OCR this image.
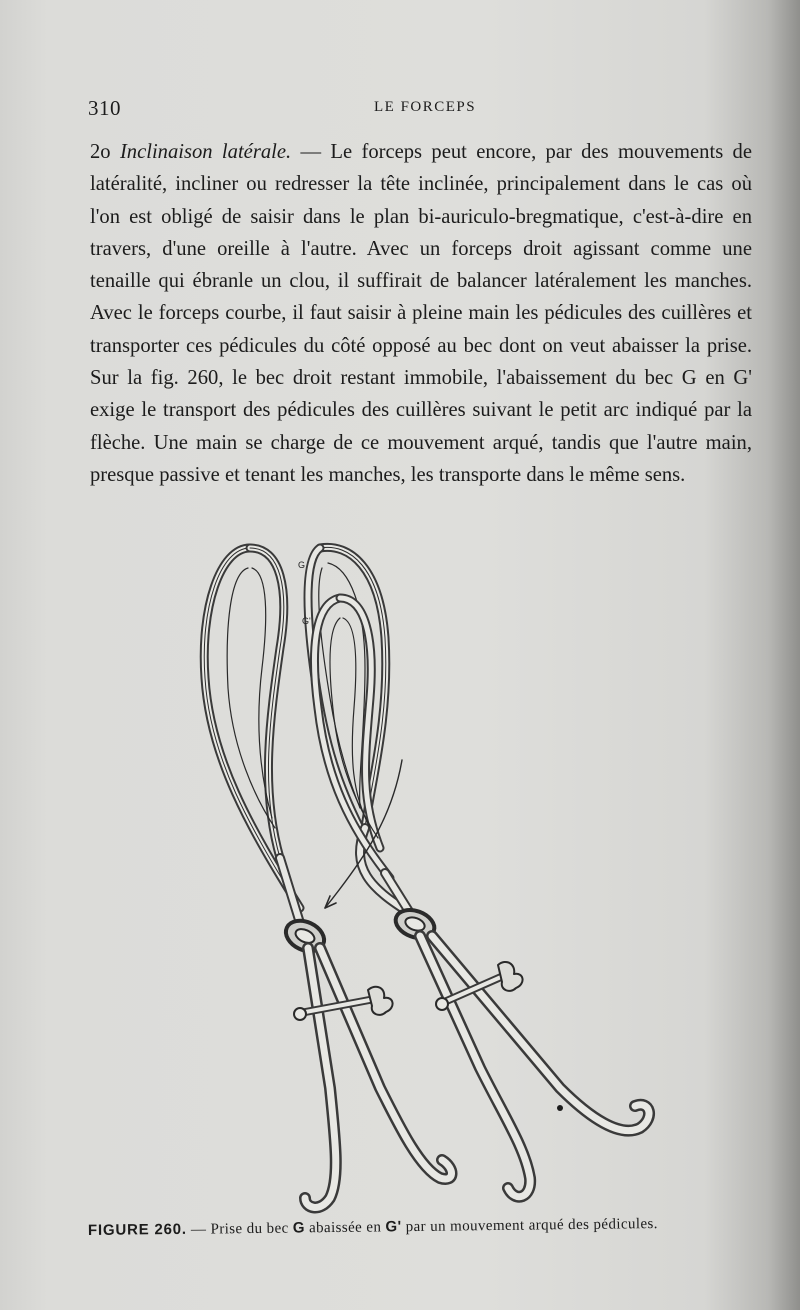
310	LE FORCEPS
2o Inclinaison latérale. — Le forceps peut encore, par des mouvements de latéralité, incliner ou redresser la tête inclinée, principalement dans le cas où l'on est obligé de saisir dans le plan bi-auriculo-bregmatique, c'est-à-dire en travers, d'une oreille à l'autre. Avec un forceps droit agissant comme une tenaille qui ébranle un clou, il suffirait de balancer latéralement les manches. Avec le forceps courbe, il faut saisir à pleine main les pédicules des cuillères et transporter ces pédicules du côté opposé au bec dont on veut abaisser la prise. Sur la fig. 260, le bec droit restant immobile, l'abaissement du bec G en G' exige le transport des pédicules des cuillères suivant le petit arc indiqué par la flèche. Une main se charge de ce mouvement arqué, tandis que l'autre main, presque passive et tenant les manches, les transporte dans le même sens.
G
G'
FIGURE 260. — Prise du bec G abaissée en G' par un mouvement arqué des pédicules.
